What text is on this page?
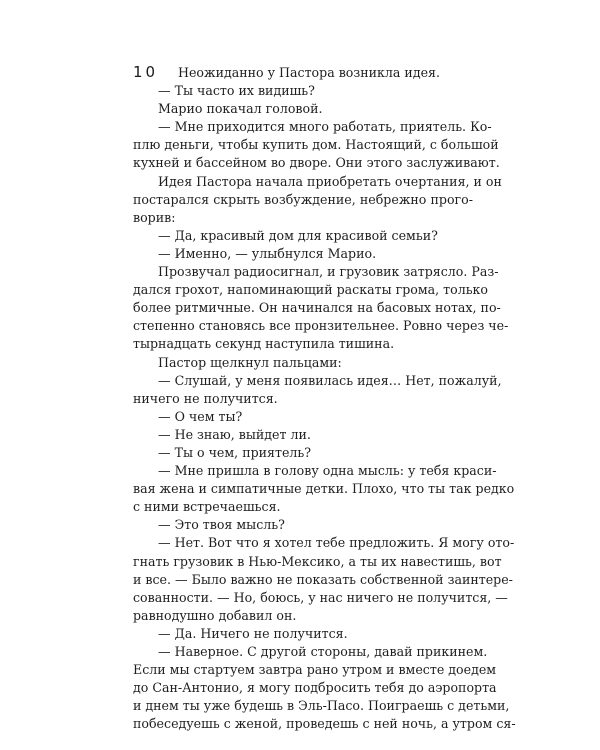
10	Неожиданно у Пастора возникла идея.
— Ты часто их видишь?
Марио покачал головой.
— Мне приходится много работать, приятель. Ко-
плю деньги, чтобы купить дом. Настоящий, с большой
кухней и бассейном во дворе. Они этого заслуживают.
Идея Пастора начала приобретать очертания, и он
постарался скрыть возбуждение, небрежно прого-
ворив:
— Да, красивый дом для красивой семьи?
— Именно, — улыбнулся Марио.
Прозвучал радиосигнал, и грузовик затрясло. Раз-
дался грохот, напоминающий раскаты грома, только
более ритмичные. Он начинался на басовых нотах, по-
степенно становясь все пронзительнее. Ровно через че-
тырнадцать секунд наступила тишина.
Пастор щелкнул пальцами:
— Слушай, у меня появилась идея… Нет, пожалуй,
ничего не получится.
— О чем ты?
— Не знаю, выйдет ли.
— Ты о чем, приятель?
— Мне пришла в голову одна мысль: у тебя краси-
вая жена и симпатичные детки. Плохо, что ты так редко
с ними встречаешься.
— Это твоя мысль?
— Нет. Вот что я хотел тебе предложить. Я могу ото-
гнать грузовик в Нью-Мексико, а ты их навестишь, вот
и все. — Было важно не показать собственной заинтере-
сованности. — Но, боюсь, у нас ничего не получится, —
равнодушно добавил он.
— Да. Ничего не получится.
— Наверное. С другой стороны, давай прикинем.
Если мы стартуем завтра рано утром и вместе доедем
до Сан-Антонио, я могу подбросить тебя до аэропорта
и днем ты уже будешь в Эль-Пасо. Поиграешь с детьми,
побеседуешь с женой, проведешь с ней ночь, а утром ся-
